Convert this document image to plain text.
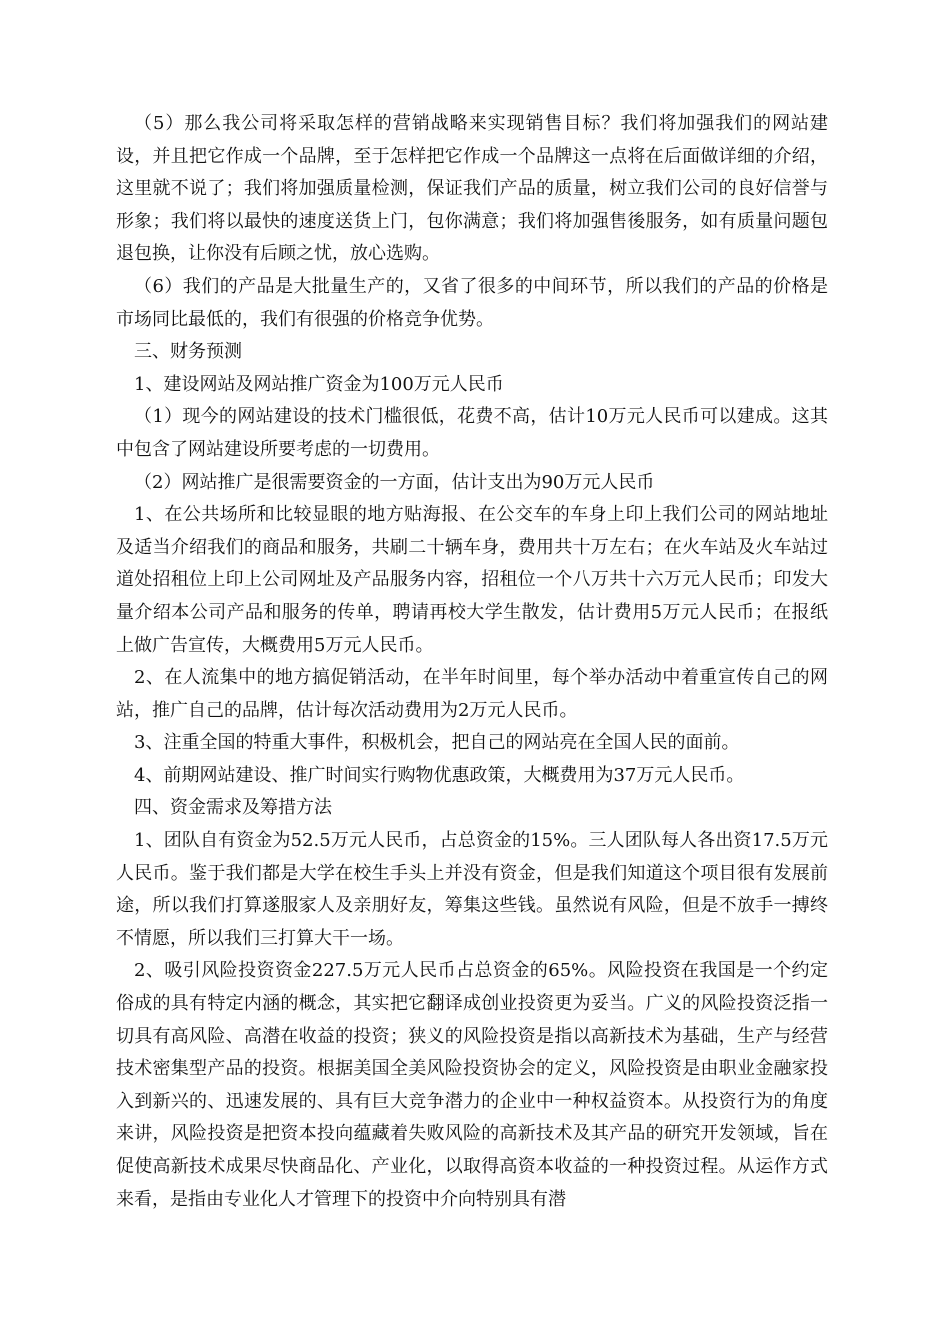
（5）那么我公司将采取怎样的营销战略来实现销售目标？我们将加强我们的网站建设，并且把它作成一个品牌，至于怎样把它作成一个品牌这一点将在后面做详细的介绍，这里就不说了；我们将加强质量检测，保证我们产品的质量，树立我们公司的良好信誉与形象；我们将以最快的速度送货上门，包你满意；我们将加强售後服务，如有质量问题包退包换，让你没有后顾之忧，放心选购。

（6）我们的产品是大批量生产的，又省了很多的中间环节，所以我们的产品的价格是市场同比最低的，我们有很强的价格竞争优势。

三、财务预测

1、建设网站及网站推广资金为100万元人民币

（1）现今的网站建设的技术门槛很低，花费不高，估计10万元人民币可以建成。这其中包含了网站建设所要考虑的一切费用。

（2）网站推广是很需要资金的一方面，估计支出为90万元人民币

1、在公共场所和比较显眼的地方贴海报、在公交车的车身上印上我们公司的网站地址及适当介绍我们的商品和服务，共刷二十辆车身，费用共十万左右；在火车站及火车站过道处招租位上印上公司网址及产品服务内容，招租位一个八万共十六万元人民币；印发大量介绍本公司产品和服务的传单，聘请再校大学生散发，估计费用5万元人民币；在报纸上做广告宣传，大概费用5万元人民币。

2、在人流集中的地方搞促销活动，在半年时间里，每个举办活动中着重宣传自己的网站，推广自己的品牌，估计每次活动费用为2万元人民币。

3、注重全国的特重大事件，积极机会，把自己的网站亮在全国人民的面前。

4、前期网站建设、推广时间实行购物优惠政策，大概费用为37万元人民币。

四、资金需求及筹措方法

1、团队自有资金为52.5万元人民币，占总资金的15%。三人团队每人各出资17.5万元人民币。鉴于我们都是大学在校生手头上并没有资金，但是我们知道这个项目很有发展前途，所以我们打算遂服家人及亲朋好友，筹集这些钱。虽然说有风险，但是不放手一搏终不情愿，所以我们三打算大干一场。

2、吸引风险投资资金227.5万元人民币占总资金的65%。风险投资在我国是一个约定俗成的具有特定内涵的概念，其实把它翻译成创业投资更为妥当。广义的风险投资泛指一切具有高风险、高潜在收益的投资；狭义的风险投资是指以高新技术为基础，生产与经营技术密集型产品的投资。根据美国全美风险投资协会的定义，风险投资是由职业金融家投入到新兴的、迅速发展的、具有巨大竞争潜力的企业中一种权益资本。从投资行为的角度来讲，风险投资是把资本投向蕴藏着失败风险的高新技术及其产品的研究开发领域，旨在促使高新技术成果尽快商品化、产业化，以取得高资本收益的一种投资过程。从运作方式来看，是指由专业化人才管理下的投资中介向特别具有潜
